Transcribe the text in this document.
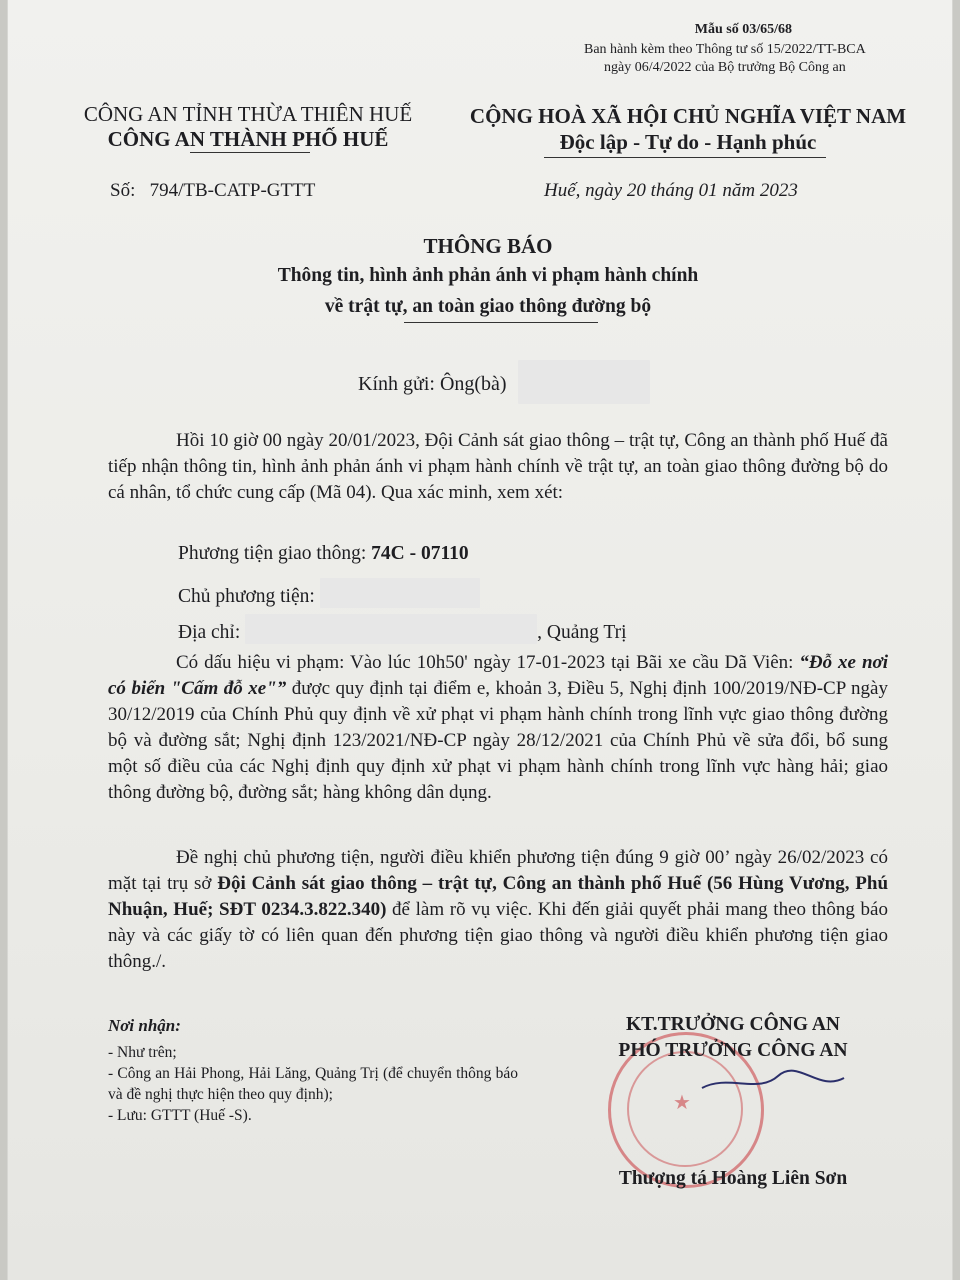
Mẫu số 03/65/68
Ban hành kèm theo Thông tư số 15/2022/TT-BCA
ngày 06/4/2022 của Bộ trưởng Bộ Công an
CÔNG AN TỈNH THỪA THIÊN HUẾ
CÔNG AN THÀNH PHỐ HUẾ
CỘNG HOÀ XÃ HỘI CHỦ NGHĨA VIỆT NAM
Độc lập - Tự do - Hạnh phúc
Số:   794/TB-CATP-GTTT	Huế, ngày 20 tháng 01 năm 2023
THÔNG BÁO
Thông tin, hình ảnh phản ánh vi phạm hành chính
về trật tự, an toàn giao thông đường bộ
Kính gửi: Ông(bà)

Hồi 10 giờ 00 ngày 20/01/2023, Đội Cảnh sát giao thông – trật tự, Công an thành phố Huế đã tiếp nhận thông tin, hình ảnh phản ánh vi phạm hành chính về trật tự, an toàn giao thông đường bộ do cá nhân, tổ chức cung cấp (Mã 04). Qua xác minh, xem xét:

Phương tiện giao thông: 74C - 07110
Chủ phương tiện:
Địa chỉ:	, Quảng Trị

Có dấu hiệu vi phạm: Vào lúc 10h50' ngày 17-01-2023 tại Bãi xe cầu Dã Viên: “Đỗ xe nơi có biển "Cấm đỗ xe"” được quy định tại điểm e, khoản 3, Điều 5, Nghị định 100/2019/NĐ-CP ngày 30/12/2019 của Chính Phủ quy định về xử phạt vi phạm hành chính trong lĩnh vực giao thông đường bộ và đường sắt; Nghị định 123/2021/NĐ-CP ngày 28/12/2021 của Chính Phủ về sửa đổi, bổ sung một số điều của các Nghị định quy định xử phạt vi phạm hành chính trong lĩnh vực hàng hải; giao thông đường bộ, đường sắt; hàng không dân dụng.

Đề nghị chủ phương tiện, người điều khiển phương tiện đúng 9 giờ 00’ ngày 26/02/2023 có mặt tại trụ sở Đội Cảnh sát giao thông – trật tự, Công an thành phố Huế (56 Hùng Vương, Phú Nhuận, Huế; SĐT 0234.3.822.340) để làm rõ vụ việc. Khi đến giải quyết phải mang theo thông báo này và các giấy tờ có liên quan đến phương tiện giao thông và người điều khiển phương tiện giao thông./.

Nơi nhận:
- Như trên;
- Công an Hải Phong, Hải Lăng, Quảng Trị (để chuyển thông báo và đề nghị thực hiện theo quy định);
- Lưu: GTTT (Huế -S).
★
KT.TRƯỞNG CÔNG AN
PHÓ TRƯỞNG CÔNG AN
Thượng tá Hoàng Liên Sơn
